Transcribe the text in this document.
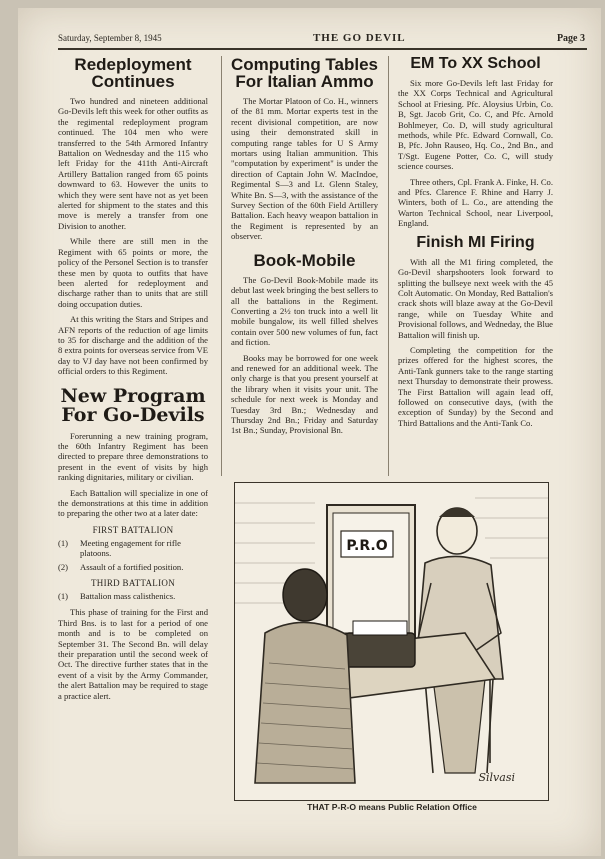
Saturday, September 8, 1945	THE GO DEVIL	Page 3
Redeployment
Continues

Two hundred and nineteen additional Go-Devils left this week for other outfits as the regimental redeployment program continued. The 104 men who were transferred to the 54th Armored Infantry Battalion on Wednesday and the 115 who left Friday for the 411th Anti-Aircraft Artillery Battalion ranged from 65 points downward to 63. However the units to which they were sent have not as yet been alerted for shipment to the states and this move is merely a transfer from one Division to another.

While there are still men in the Regiment with 65 points or more, the policy of the Personel Section is to transfer these men by quota to outfits that have been alerted for redeployment and discharge rather than to units that are still doing occupation duties.

At this writing the Stars and Stripes and AFN reports of the reduction of age limits to 35 for discharge and the addition of the 8 extra points for overseas service from VE day to VJ day have not been confirmed by official orders to this Regiment.

New Program
For Go-Devils

Forerunning a new training program, the 60th Infantry Regiment has been directed to prepare three demonstrations to present in the event of visits by high ranking dignitaries, military or civilian.

Each Battalion will specialize in one of the demonstrations at this time in addition to preparing the other two at a later date:

FIRST BATTALION
(1)	Meeting engagement for rifle platoons.
(2)	Assault of a fortified position.
THIRD BATTALION
(1)	Battalion mass calisthenics.

This phase of training for the First and Third Bns. is to last for a period of one month and is to be completed on September 31. The Second Bn. will delay their preparation until the second week of Oct. The directive further states that in the event of a visit by the Army Commander, the alert Battalion may be required to stage a practice alert.

Computing Tables
For Italian Ammo

The Mortar Platoon of Co. H., winners of the 81 mm. Mortar experts test in the recent divisional competition, are now using their demonstrated skill in computing range tables for U S Army mortars using Italian ammunition. This "computation by experiment" is under the direction of Captain John W. MacIndoe, Regimental S—3 and Lt. Glenn Staley, White Bn. S—3, with the assistance of the Survey Section of the 60th Field Artillery Battalion. Each heavy weapon battalion in the Regiment is represented by an observer.

Book-Mobile

The Go-Devil Book-Mobile made its debut last week bringing the best sellers to all the battalions in the Regiment. Converting a 2½ ton truck into a well lit mobile bungalow, its well filled shelves contain over 500 new volumes of fun, fact and fiction.

Books may be borrowed for one week and renewed for an additional week. The only charge is that you present yourself at the library when it visits your unit. The schedule for next week is Monday and Tuesday 3rd Bn.; Wednesday and Thursday 2nd Bn.; Friday and Saturday 1st Bn.; Sunday, Provisional Bn.

EM To XX School

Six more Go-Devils left last Friday for the XX Corps Technical and Agricultural School at Friesing. Pfc. Aloysius Urbin, Co. B, Sgt. Jacob Grit, Co. C, and Pfc. Arnold Bohlmeyer, Co. D, will study agricultural methods, while Pfc. Edward Cornwall, Co. B, Pfc. John Rauseo, Hq. Co., 2nd Bn., and T/Sgt. Eugene Potter, Co. C, will study science courses.

Three others, Cpl. Frank A. Finke, H. Co. and Pfcs. Clarence F. Rhine and Harry J. Winters, both of L. Co., are attending the Warton Technical School, near Liverpool, England.

Finish MI Firing

With all the M1 firing completed, the Go-Devil sharpshooters look forward to splitting the bullseye next week with the 45 Colt Automatic. On Monday, Red Battalion's crack shots will blaze away at the Go-Devil range, while on Tuesday White and Provisional follows, and Wedneday, the Blue Battalion will finish up.

Completing the competition for the prizes offered for the highest scores, the Anti-Tank gunners take to the range starting next Thursday to demonstrate their prowess. The First Battalion will again lead off, followed on consecutive days, (with the exception of Sunday) by the Second and Third Battalions and the Anti-Tank Co.

P.R.O
Silvasi
THAT P-R-O means Public Relation Office
